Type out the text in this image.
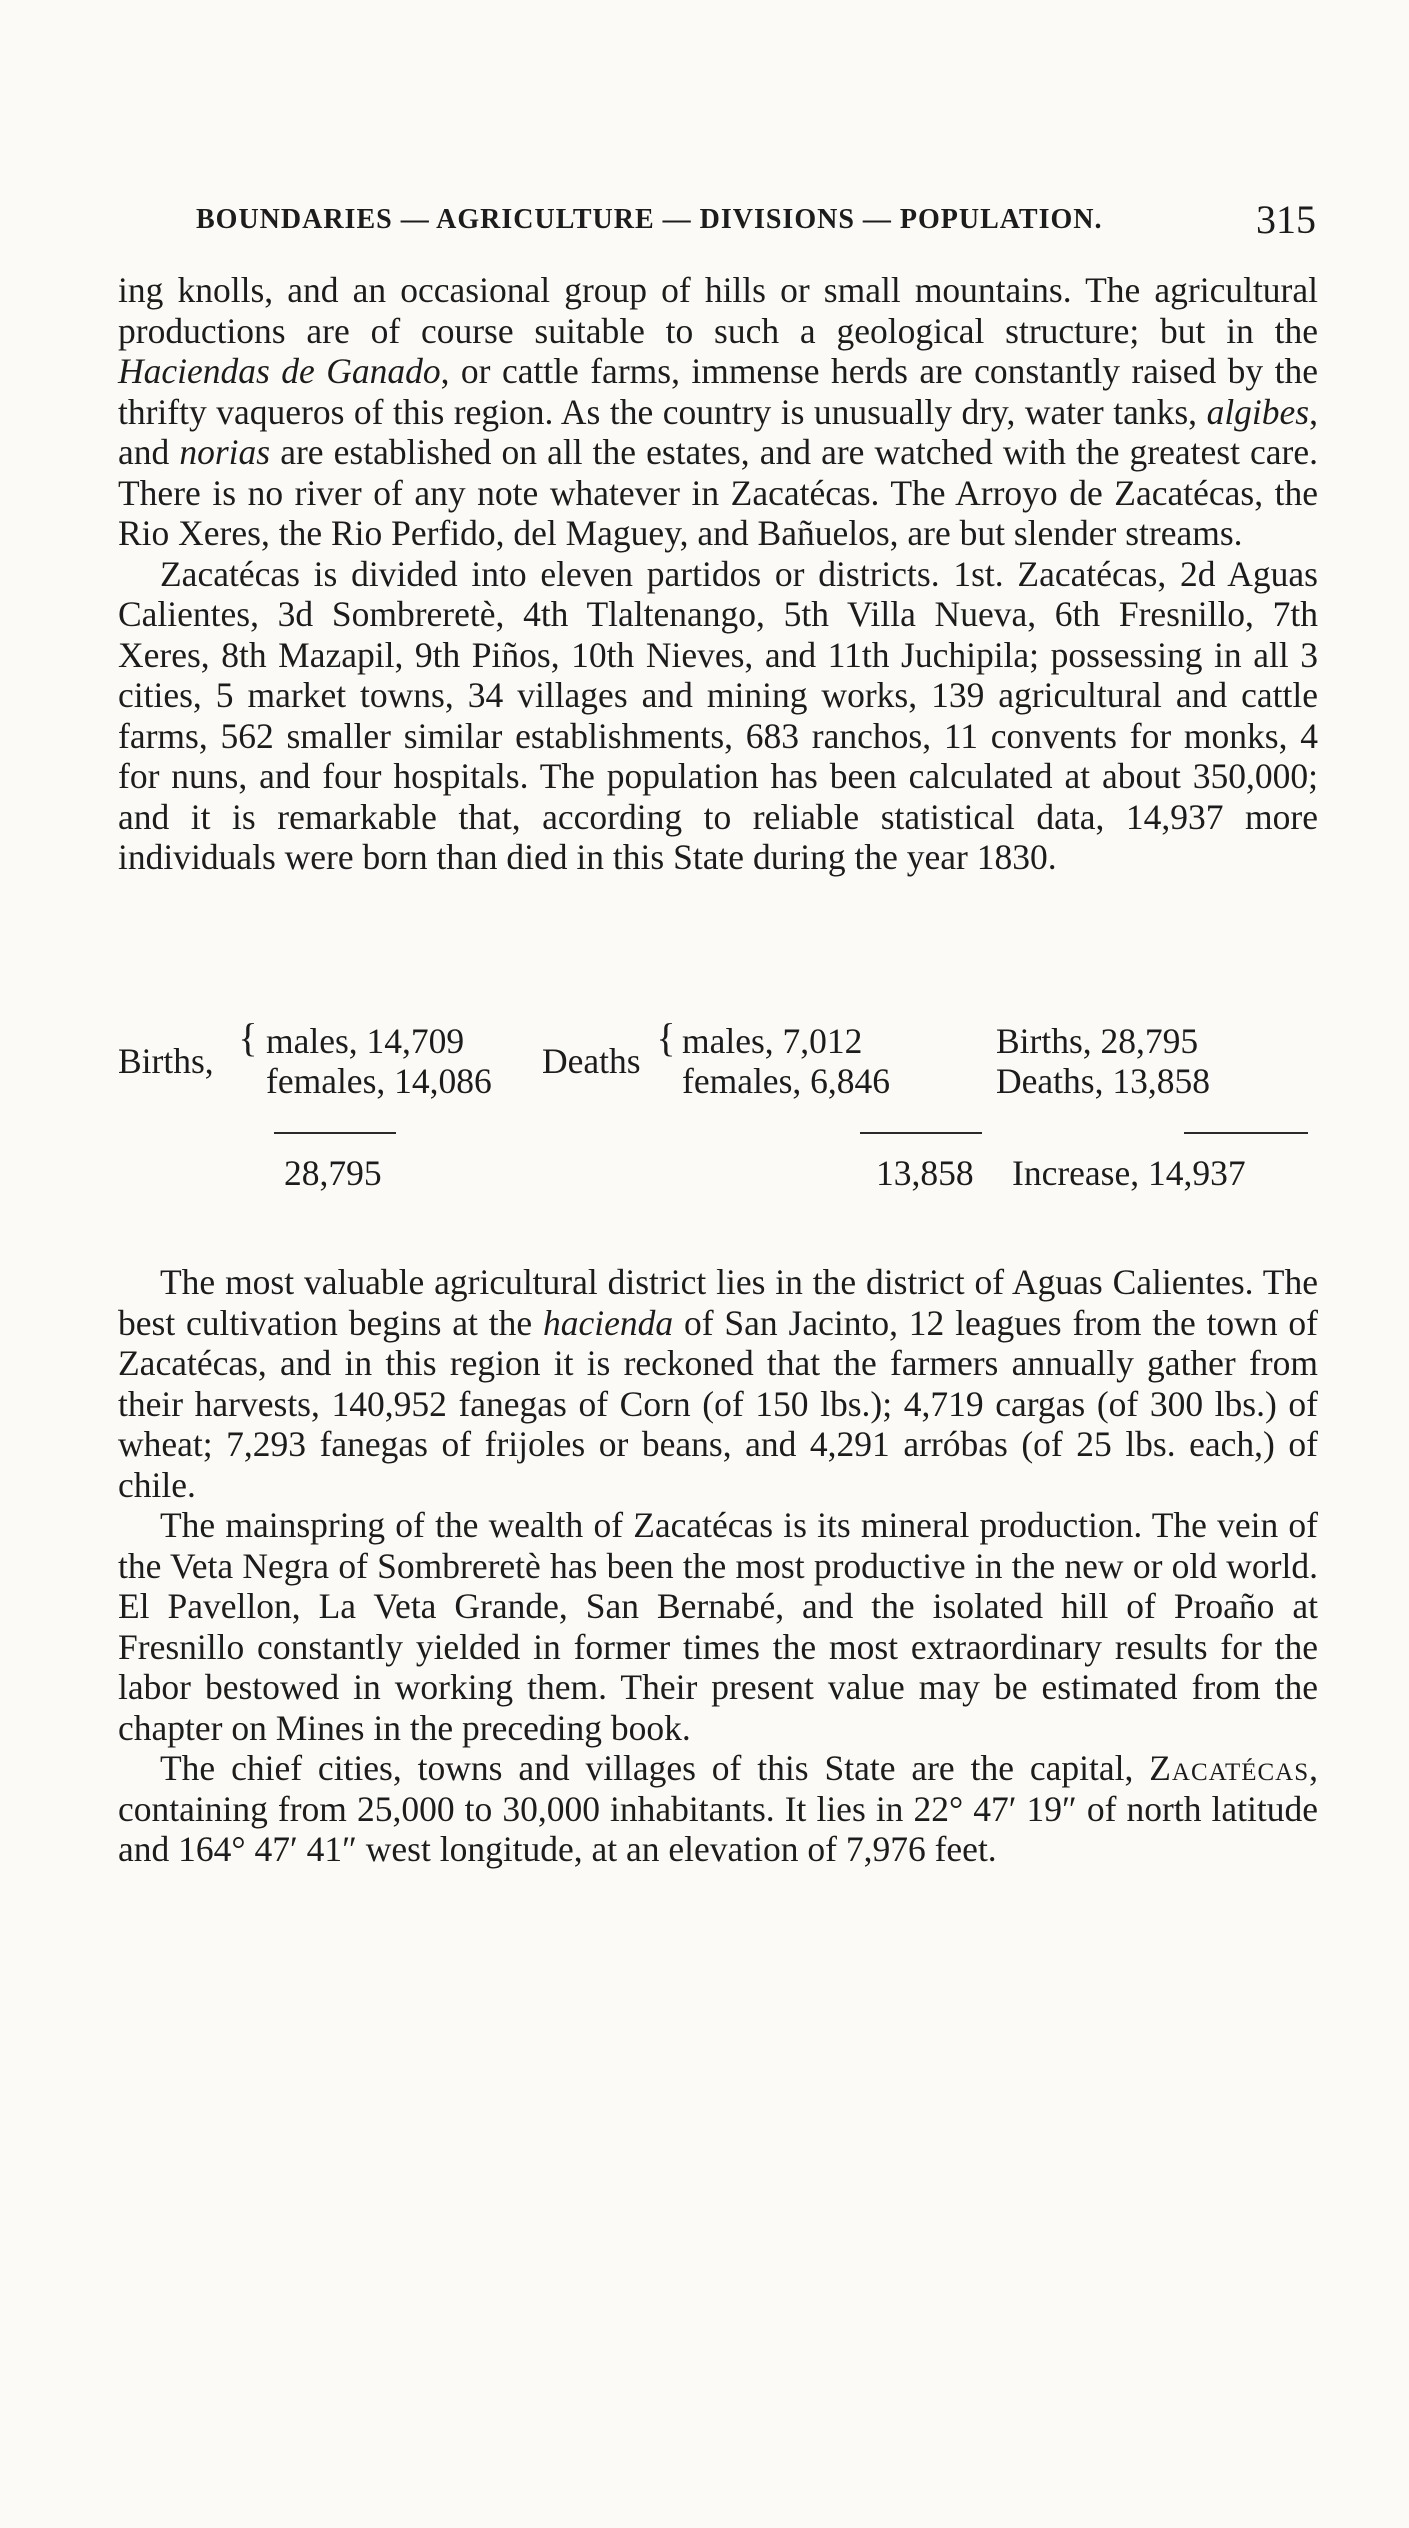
BOUNDARIES — AGRICULTURE — DIVISIONS — POPULATION.	315

ing knolls, and an occasional group of hills or small mountains. The agricultural productions are of course suitable to such a geological structure; but in the Haciendas de Ganado, or cattle farms, immense herds are constantly raised by the thrifty vaqueros of this region. As the country is unusually dry, water tanks, algibes, and norias are established on all the estates, and are watched with the greatest care. There is no river of any note whatever in Zacatécas. The Arroyo de Zacatécas, the Rio Xeres, the Rio Perfido, del Maguey, and Bañuelos, are but slender streams.

Zacatécas is divided into eleven partidos or districts. 1st. Zacatécas, 2d Aguas Calientes, 3d Sombreretè, 4th Tlaltenango, 5th Villa Nueva, 6th Fresnillo, 7th Xeres, 8th Mazapil, 9th Piños, 10th Nieves, and 11th Juchipila; possessing in all 3 cities, 5 market towns, 34 villages and mining works, 139 agricultural and cattle farms, 562 smaller similar establishments, 683 ranchos, 11 convents for monks, 4 for nuns, and four hospitals. The population has been calculated at about 350,000; and it is remarkable that, according to reliable statistical data, 14,937 more individuals were born than died in this State during the year 1830.

Births,
{ males, 14,709
females, 14,086 Deaths
{ males, 7,012
females, 6,846
Births, 28,795
Deaths, 13,858
28,795	13,858 Increase, 14,937

The most valuable agricultural district lies in the district of Aguas Calientes. The best cultivation begins at the hacienda of San Jacinto, 12 leagues from the town of Zacatécas, and in this region it is reckoned that the farmers annually gather from their harvests, 140,952 fanegas of Corn (of 150 lbs.); 4,719 cargas (of 300 lbs.) of wheat; 7,293 fanegas of frijoles or beans, and 4,291 arróbas (of 25 lbs. each,) of chile.

The mainspring of the wealth of Zacatécas is its mineral production. The vein of the Veta Negra of Sombreretè has been the most productive in the new or old world. El Pavellon, La Veta Grande, San Bernabé, and the isolated hill of Proaño at Fresnillo constantly yielded in former times the most extraordinary results for the labor bestowed in working them. Their present value may be estimated from the chapter on Mines in the preceding book.

The chief cities, towns and villages of this State are the capital, Zacatécas, containing from 25,000 to 30,000 inhabitants. It lies in 22° 47′ 19″ of north latitude and 164° 47′ 41″ west longitude, at an elevation of 7,976 feet.
